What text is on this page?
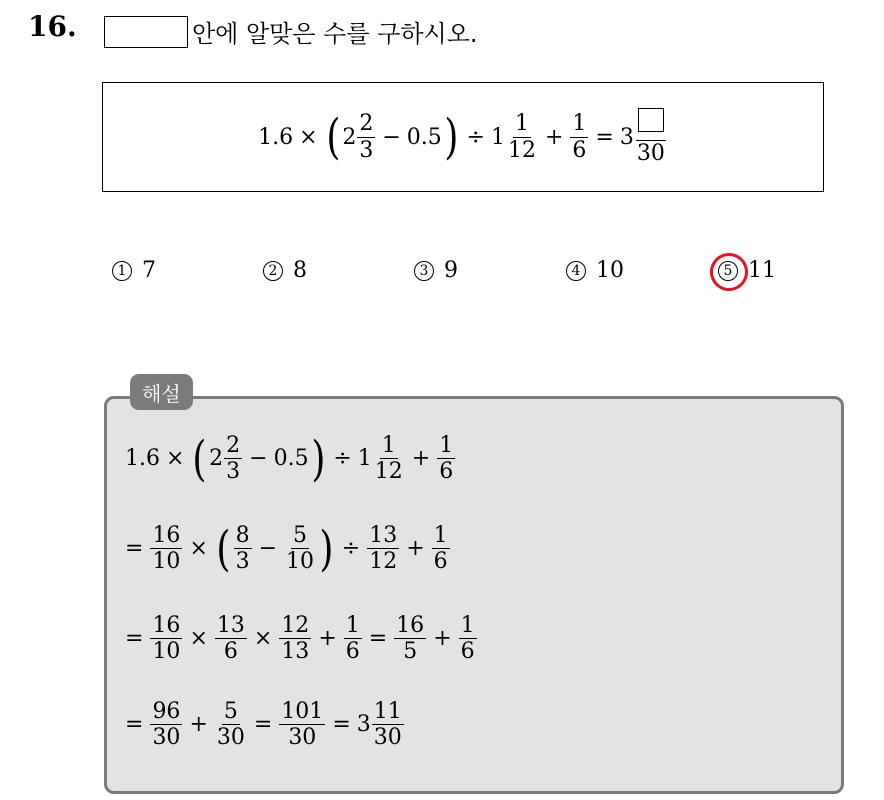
16.	안에 알맞은 수를 구하시오.
1.6 × ( $2 \frac{2}{3} - 0.5$ ) ÷ $1 \frac{1}{12} + \frac{1}{6} = 3$
30
1 7	2 8	3 9	4 10	5 11
해설
1.6 × ( $2 \frac{2}{3} - 0.5$ ) ÷ $1 \frac{1}{12} + \frac{1}{6}$
= $\frac{16}{10}$ × ( $\frac{8}{3} - \frac{5}{10}$ ) ÷ $\frac{13}{12} + \frac{1}{6}$
= $\frac{16}{10} \times \frac{13}{6} \times \frac{12}{13} + \frac{1}{6} = \frac{16}{5} + \frac{1}{6}$
= $\frac{96}{30} + \frac{5}{30} = \frac{101}{30} = 3 \frac{11}{30}$
